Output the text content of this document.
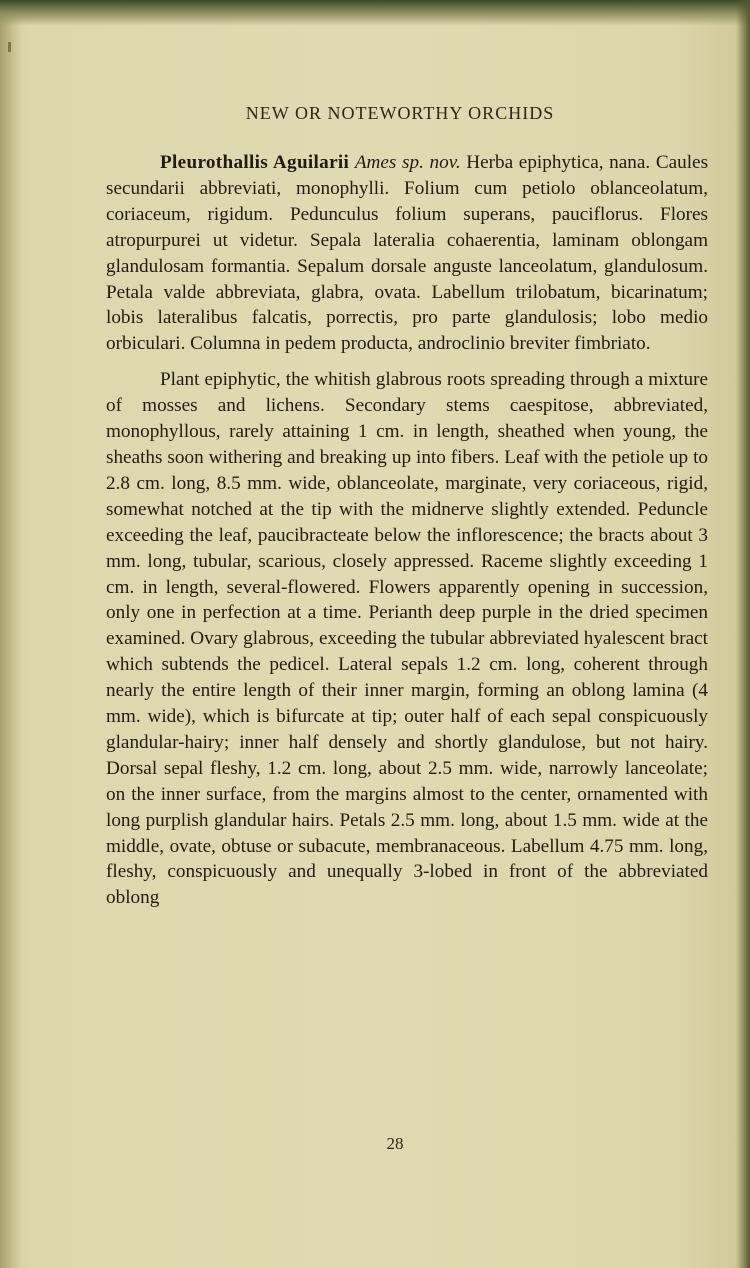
NEW OR NOTEWORTHY ORCHIDS

Pleurothallis Aguilarii Ames sp. nov. Herba epiphytica, nana. Caules secundarii abbreviati, monophylli. Folium cum petiolo oblanceolatum, coriaceum, rigidum. Pedunculus folium superans, pauciflorus. Flores atropurpurei ut videtur. Sepala lateralia cohaerentia, laminam oblongam glandulosam formantia. Sepalum dorsale anguste lanceolatum, glandulosum. Petala valde abbreviata, glabra, ovata. Labellum trilobatum, bicarinatum; lobis lateralibus falcatis, porrectis, pro parte glandulosis; lobo medio orbiculari. Columna in pedem producta, androclinio breviter fimbriato.

Plant epiphytic, the whitish glabrous roots spreading through a mixture of mosses and lichens. Secondary stems caespitose, abbreviated, monophyllous, rarely attaining 1 cm. in length, sheathed when young, the sheaths soon withering and breaking up into fibers. Leaf with the petiole up to 2.8 cm. long, 8.5 mm. wide, oblanceolate, marginate, very coriaceous, rigid, somewhat notched at the tip with the midnerve slightly extended. Peduncle exceeding the leaf, paucibracteate below the inflorescence; the bracts about 3 mm. long, tubular, scarious, closely appressed. Raceme slightly exceeding 1 cm. in length, several-flowered. Flowers apparently opening in succession, only one in perfection at a time. Perianth deep purple in the dried specimen examined. Ovary glabrous, exceeding the tubular abbreviated hyalescent bract which subtends the pedicel. Lateral sepals 1.2 cm. long, coherent through nearly the entire length of their inner margin, forming an oblong lamina (4 mm. wide), which is bifurcate at tip; outer half of each sepal conspicuously glandular-hairy; inner half densely and shortly glandulose, but not hairy. Dorsal sepal fleshy, 1.2 cm. long, about 2.5 mm. wide, narrowly lanceolate; on the inner surface, from the margins almost to the center, ornamented with long purplish glandular hairs. Petals 2.5 mm. long, about 1.5 mm. wide at the middle, ovate, obtuse or subacute, membranaceous. Labellum 4.75 mm. long, fleshy, conspicuously and unequally 3-lobed in front of the abbreviated oblong

28
